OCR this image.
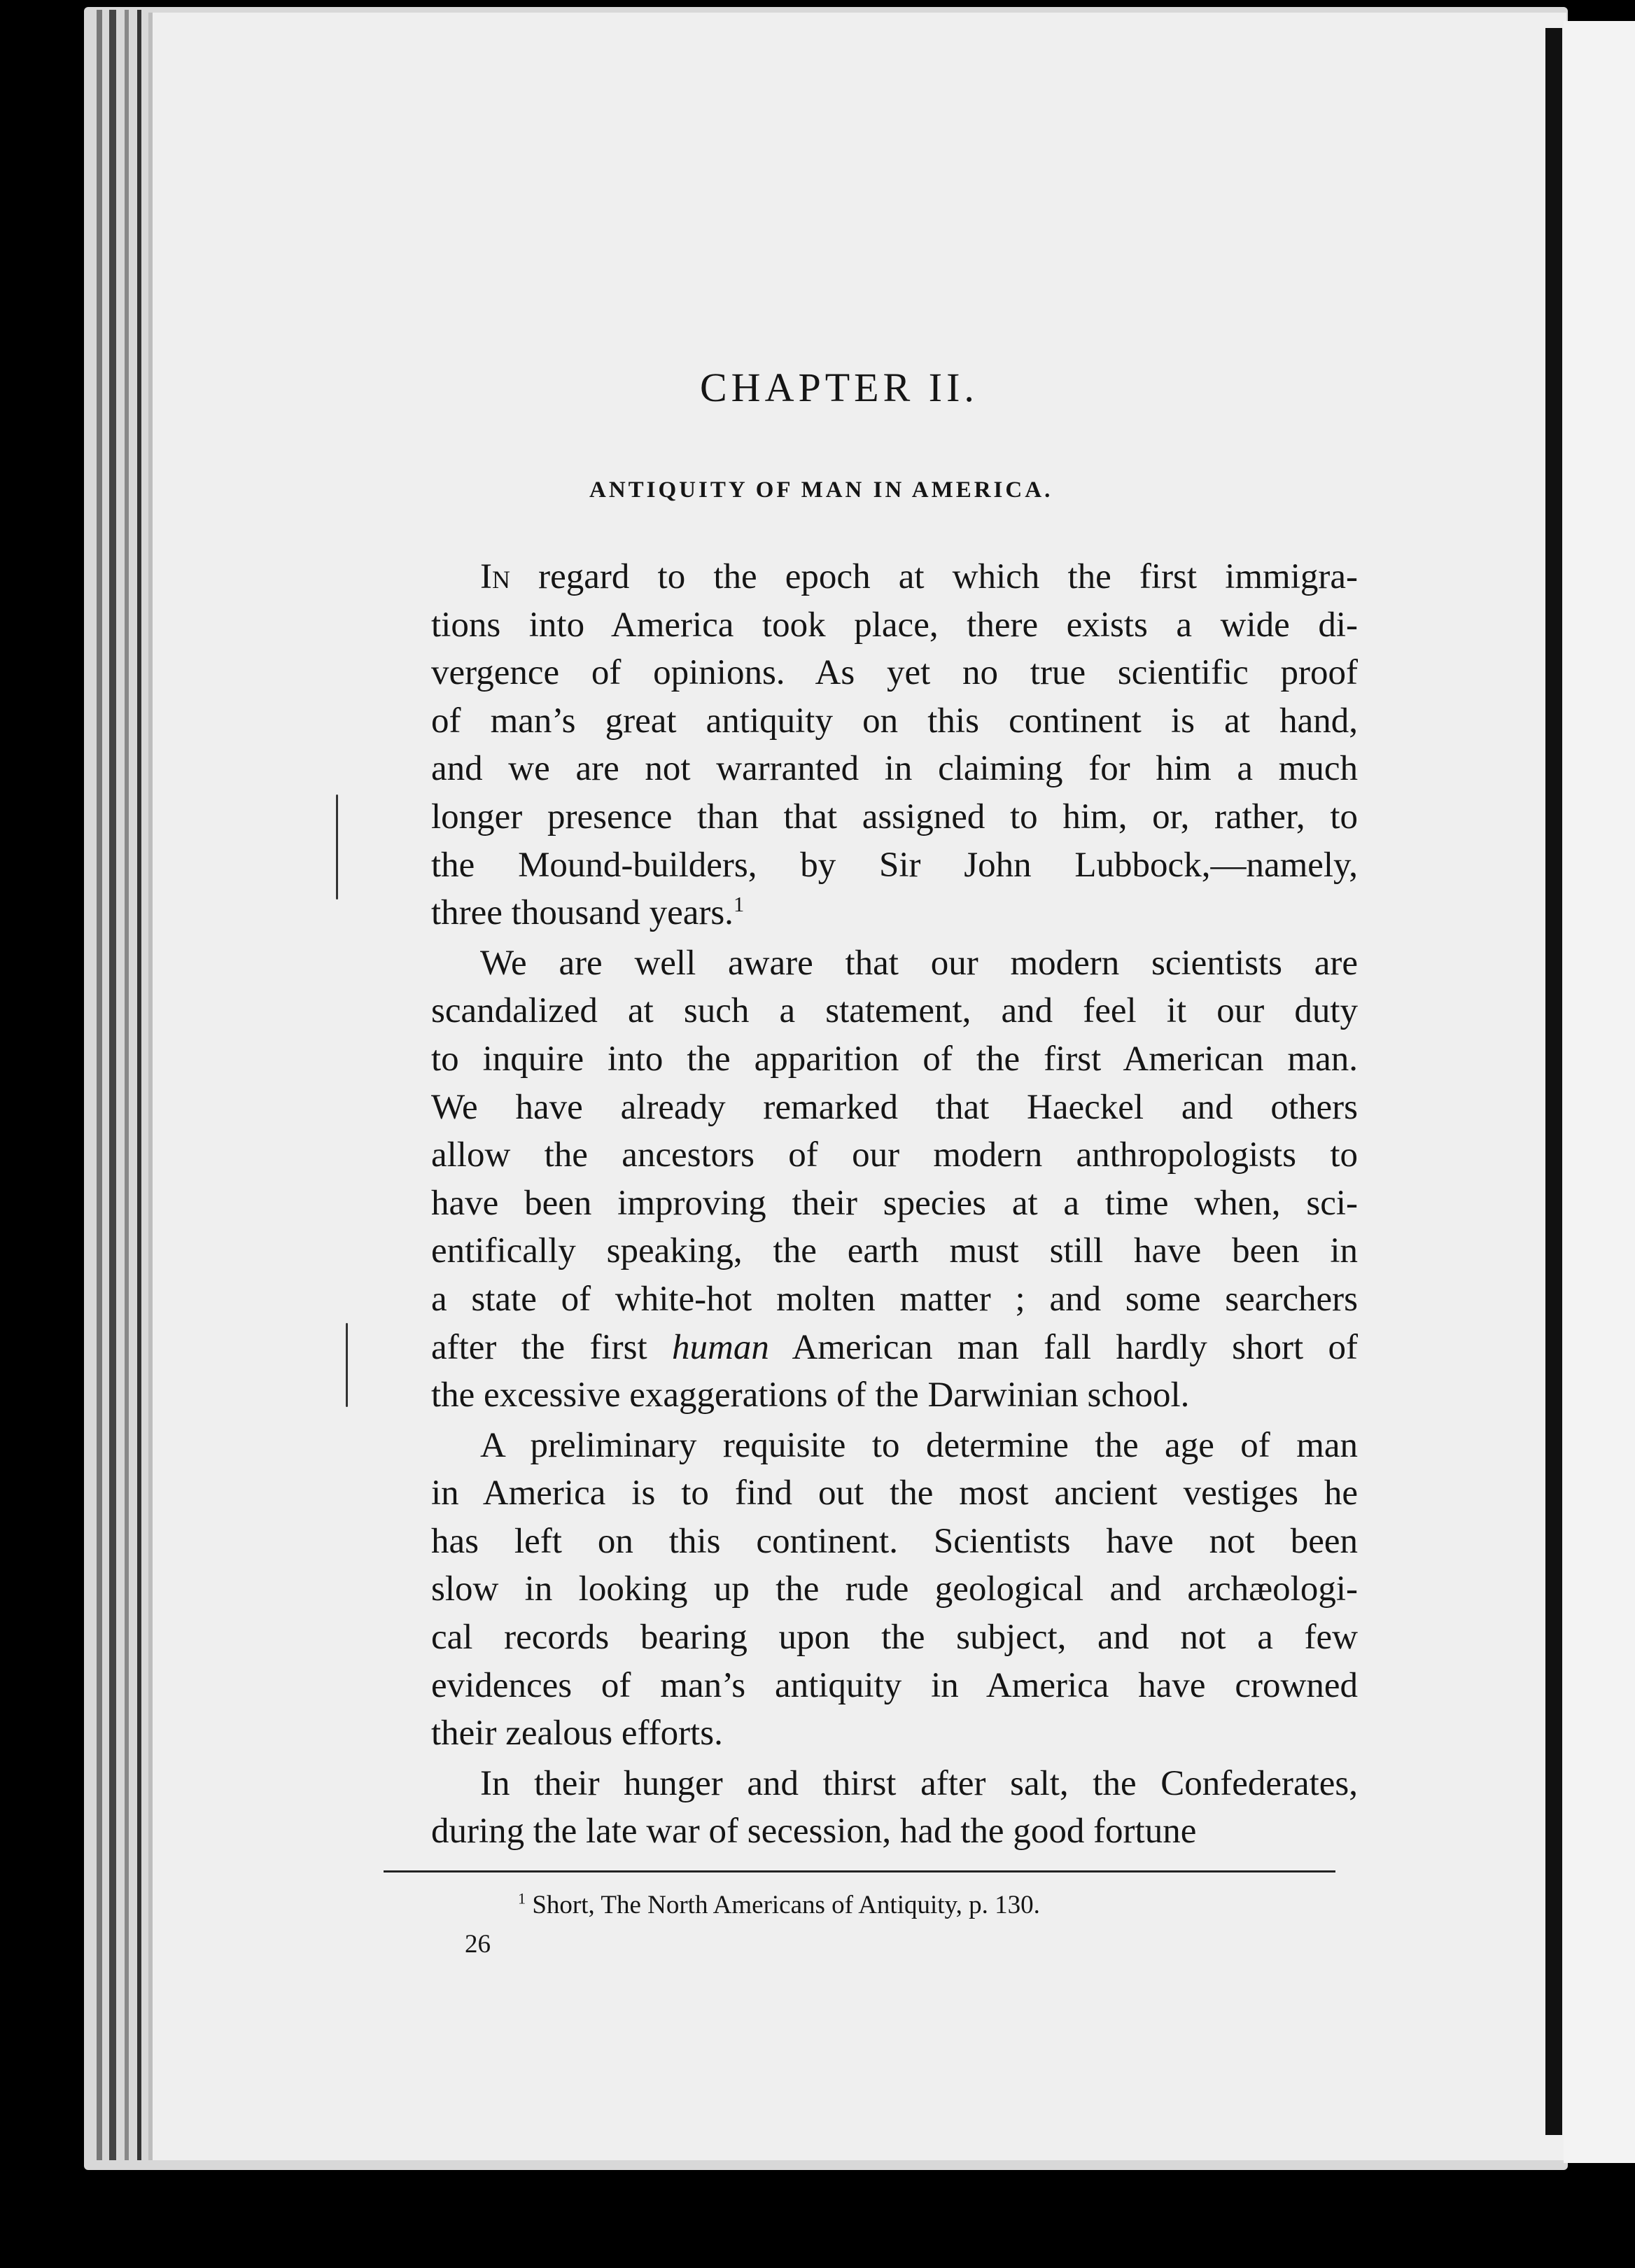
CHAPTER II.
ANTIQUITY OF MAN IN AMERICA.
In regard to the epoch at which the first immigra-
tions into America took place, there exists a wide di-
vergence of opinions. As yet no true scientific proof
of man’s great antiquity on this continent is at hand,
and we are not warranted in claiming for him a much
longer presence than that assigned to him, or, rather, to
the Mound-builders, by Sir John Lubbock,—namely,
three thousand years.$^1$
We are well aware that our modern scientists are
scandalized at such a statement, and feel it our duty
to inquire into the apparition of the first American man.
We have already remarked that Haeckel and others
allow the ancestors of our modern anthropologists to
have been improving their species at a time when, sci-
entifically speaking, the earth must still have been in
a state of white-hot molten matter ; and some searchers
after the first human American man fall hardly short of
the excessive exaggerations of the Darwinian school.
A preliminary requisite to determine the age of man
in America is to find out the most ancient vestiges he
has left on this continent. Scientists have not been
slow in looking up the rude geological and archæologi-
cal records bearing upon the subject, and not a few
evidences of man’s antiquity in America have crowned
their zealous efforts.
In their hunger and thirst after salt, the Confederates,
during the late war of secession, had the good fortune
$^1$ Short, The North Americans of Antiquity, p. 130.
26
